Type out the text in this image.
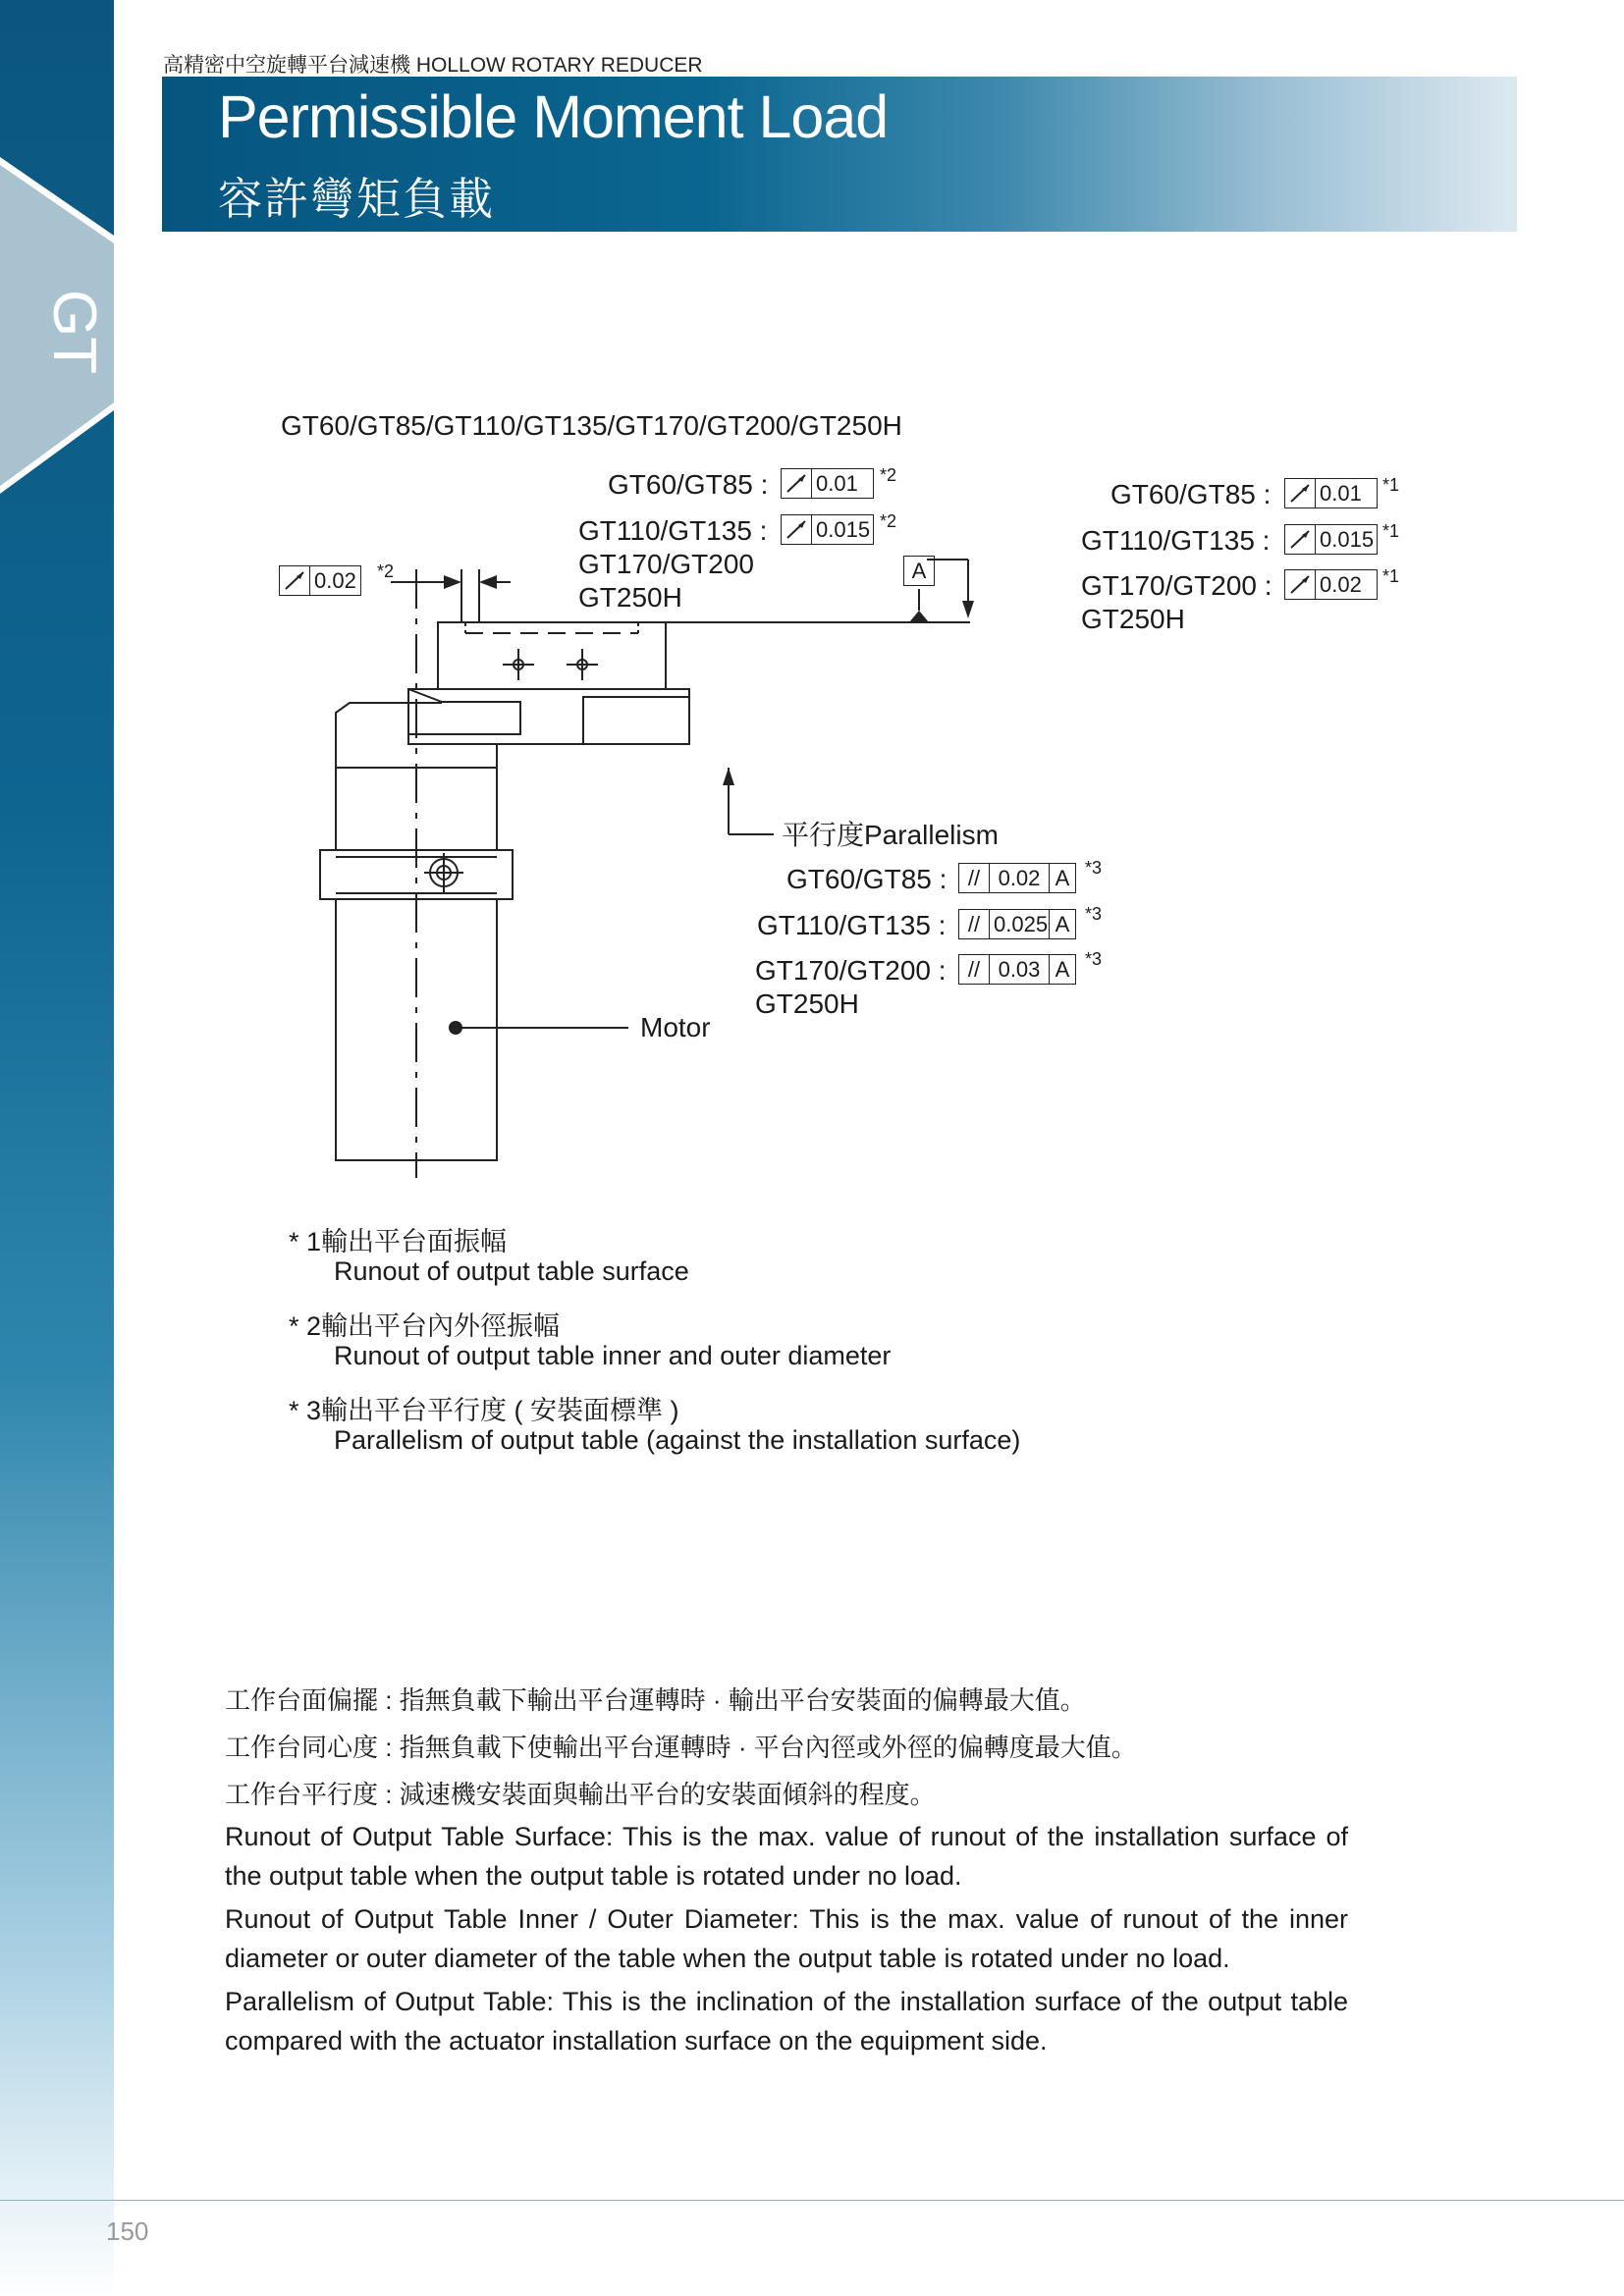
GT
高精密中空旋轉平台減速機 HOLLOW ROTARY REDUCER
Permissible Moment Load
容許彎矩負載
GT60/GT85/GT110/GT135/GT170/GT200/GT250H
0.02 *2
GT60/GT85 :	0.01	*2
GT110/GT135 :	0.015 *2
GT170/GT200
GT250H
A
GT60/GT85 :	0.01	*1
GT110/GT135 :	0.015 *1
GT170/GT200 :	0.02	*1
GT250H
平行度Parallelism
GT60/GT85 : // 0.02 A *3
GT110/GT135 :	// 0.025 A *3
GT170/GT200 :	// 0.03 A *3
GT250H
Motor
* 1輸出平台面振幅
Runout of output table surface
* 2輸出平台內外徑振幅
Runout of output table inner and outer diameter
* 3輸出平台平行度 ( 安裝面標準 )
Parallelism of output table (against the installation surface)
工作台面偏擺 : 指無負載下輸出平台運轉時 · 輸出平台安裝面的偏轉最大值。
工作台同心度 : 指無負載下使輸出平台運轉時 · 平台內徑或外徑的偏轉度最大值。
工作台平行度 : 減速機安裝面與輸出平台的安裝面傾斜的程度。
Runout of Output Table Surface: This is the max. value of runout of the installation surface of the output table when the output table is rotated under no load.
Runout of Output Table Inner / Outer Diameter: This is the max. value of runout of the inner diameter or outer diameter of the table when the output table is rotated under no load.
Parallelism of Output Table: This is the inclination of the installation surface of the output table compared with the actuator installation surface on the equipment side.
150
